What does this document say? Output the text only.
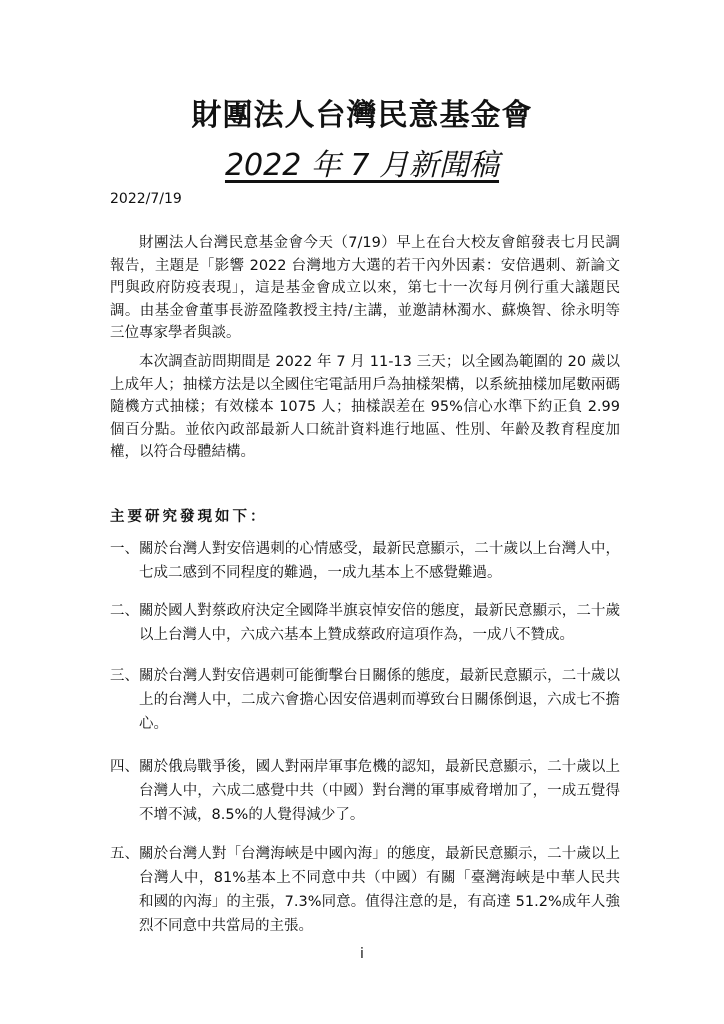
財團法人台灣民意基金會
2022 年 7 月新聞稿
2022/7/19
財團法人台灣民意基金會今天（7/19）早上在台大校友會館發表七月民調報告，主題是「影響 2022 台灣地方大選的若干內外因素：安倍遇刺、新論文門與政府防疫表現」，這是基金會成立以來，第七十一次每月例行重大議題民調。由基金會董事長游盈隆教授主持/主講，並邀請林濁水、蘇煥智、徐永明等三位專家學者與談。
本次調查訪問期間是 2022 年 7 月 11-13 三天；以全國為範圍的 20 歲以上成年人；抽樣方法是以全國住宅電話用戶為抽樣架構，以系統抽樣加尾數兩碼隨機方式抽樣；有效樣本 1075 人；抽樣誤差在 95%信心水準下約正負 2.99 個百分點。並依內政部最新人口統計資料進行地區、性別、年齡及教育程度加權，以符合母體結構。
主要研究發現如下：
一、 關於台灣人對安倍遇刺的心情感受，最新民意顯示，二十歲以上台灣人中，七成二感到不同程度的難過，一成九基本上不感覺難過。
二、 關於國人對蔡政府決定全國降半旗哀悼安倍的態度，最新民意顯示，二十歲以上台灣人中，六成六基本上贊成蔡政府這項作為，一成八不贊成。
三、 關於台灣人對安倍遇刺可能衝擊台日關係的態度，最新民意顯示，二十歲以上的台灣人中，二成六會擔心因安倍遇刺而導致台日關係倒退，六成七不擔心。
四、 關於俄烏戰爭後，國人對兩岸軍事危機的認知，最新民意顯示，二十歲以上台灣人中，六成二感覺中共（中國）對台灣的軍事威脅增加了，一成五覺得不增不減，8.5%的人覺得減少了。
五、 關於台灣人對「台灣海峽是中國內海」的態度，最新民意顯示，二十歲以上台灣人中，81%基本上不同意中共（中國）有關「臺灣海峽是中華人民共和國的內海」的主張，7.3%同意。值得注意的是，有高達 51.2%成年人強烈不同意中共當局的主張。
i
